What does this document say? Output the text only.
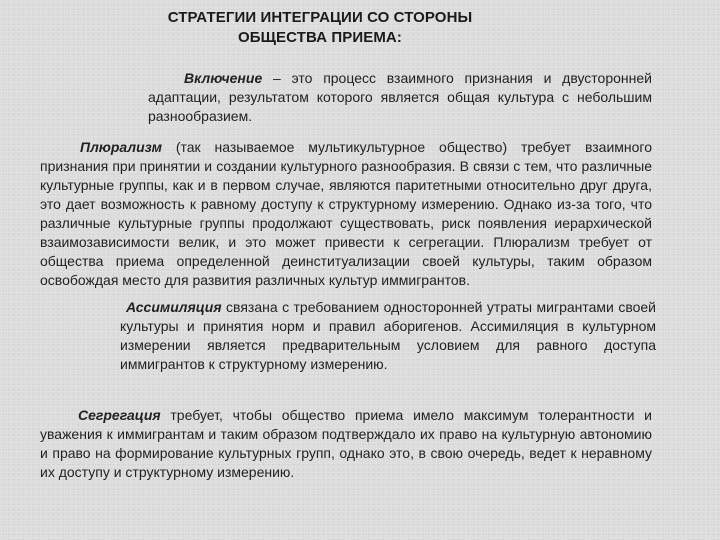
СТРАТЕГИИ ИНТЕГРАЦИИ СО СТОРОНЫ
ОБЩЕСТВА ПРИЕМА:
Включение – это процесс взаимного признания и двусторонней адаптации, результатом которого является общая культура с небольшим разнообразием.
Плюрализм (так называемое мультикультурное общество) требует взаимного признания при принятии и создании культурного разнообразия. В связи с тем, что различные культурные группы, как и в первом случае, являются паритетными относительно друг друга, это дает возможность к равному доступу к структурному измерению. Однако из-за того, что различные культурные группы продолжают существовать, риск появления иерархической взаимозависимости велик, и это может привести к сегрегации. Плюрализм требует от общества приема определенной деинституализации своей культуры, таким образом освобождая место для развития различных культур иммигрантов.
Ассимиляция связана с требованием односторонней утраты мигрантами своей культуры и принятия норм и правил аборигенов. Ассимиляция в культурном измерении является предварительным условием для равного доступа иммигрантов к структурному измерению.
Сегрегация требует, чтобы общество приема имело максимум толерантности и уважения к иммигрантам и таким образом подтверждало их право на культурную автономию и право на формирование культурных групп, однако это, в свою очередь, ведет к неравному их доступу и структурному измерению.
